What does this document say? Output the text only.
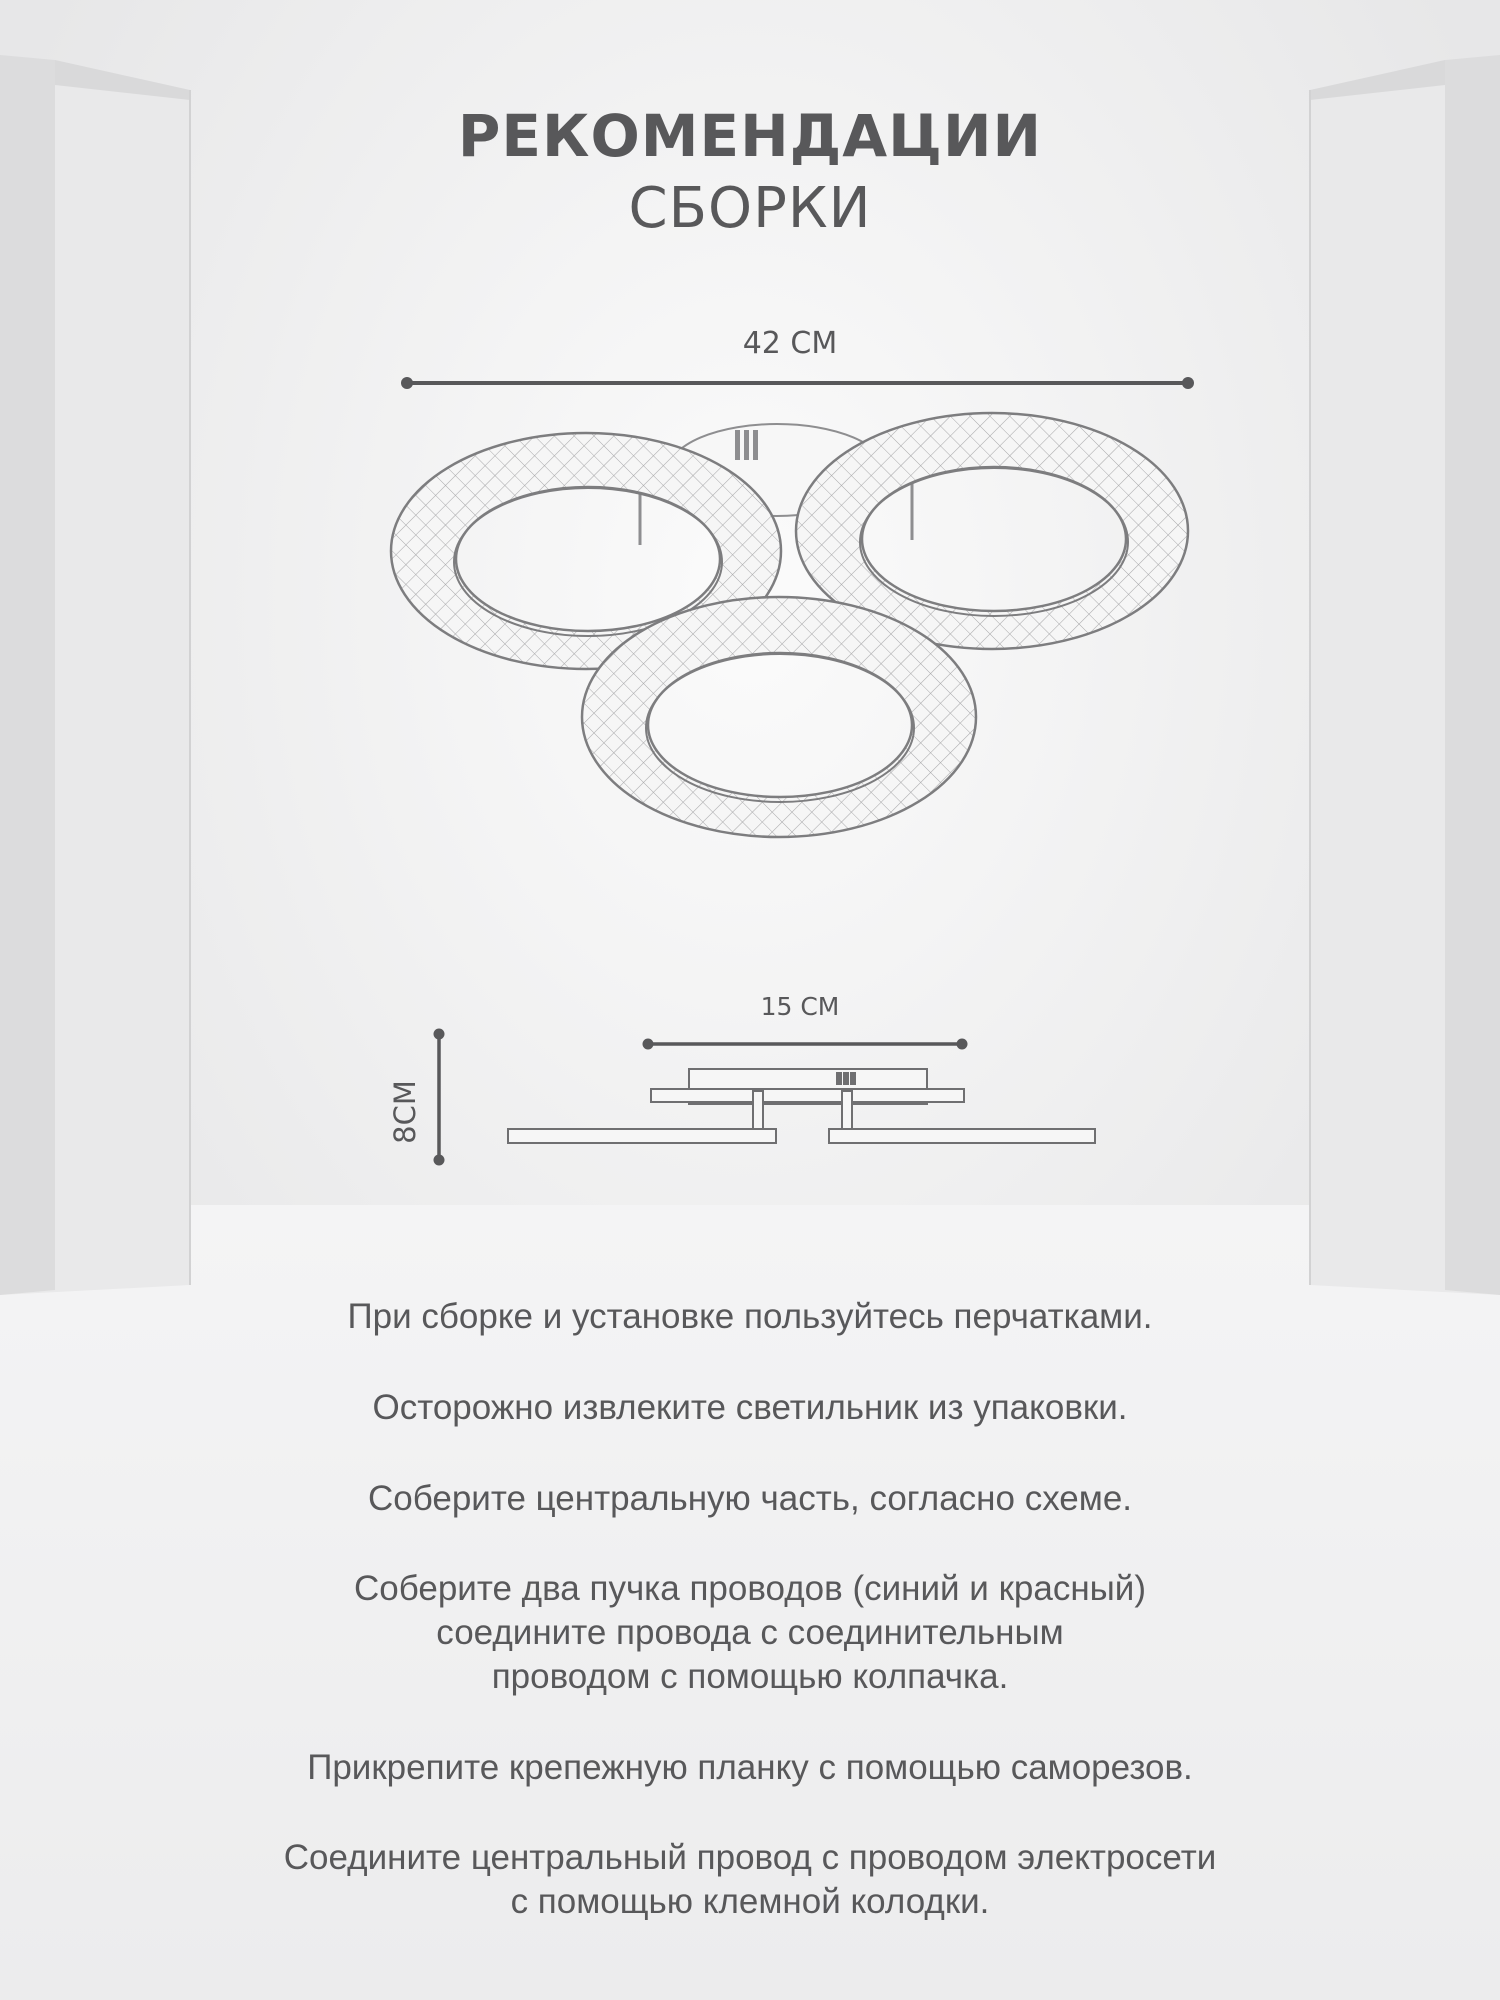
РЕКОМЕНДАЦИИ
СБОРКИ
42 CM
15 CM
8CM

При сборке и установке пользуйтесь перчатками.

Осторожно извлеките светильник из упаковки.

Соберите центральную часть, согласно схеме.

Соберите два пучка проводов (синий и красный)
соедините провода с соединительным
проводом с помощью колпачка.

Прикрепите крепежную планку с помощью саморезов.

Соедините центральный провод с проводом электросети
с помощью клемной колодки.
